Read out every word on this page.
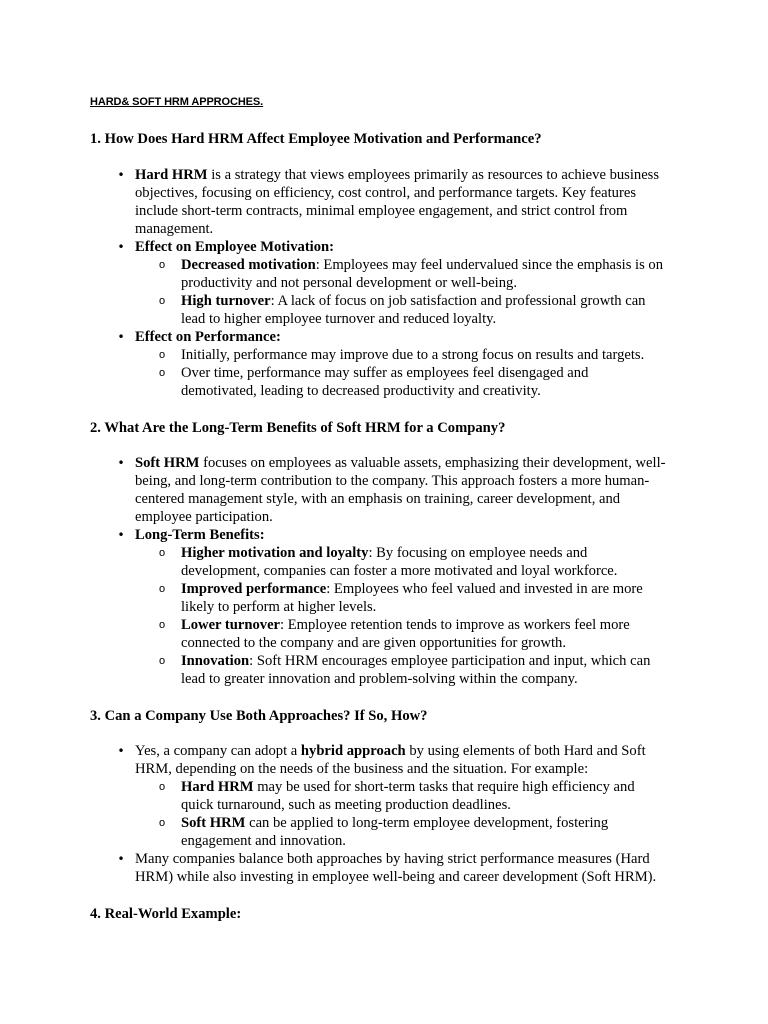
HARD& SOFT HRM APPROCHES.

1. How Does Hard HRM Affect Employee Motivation and Performance?

• Hard HRM is a strategy that views employees primarily as resources to achieve business objectives, focusing on efficiency, cost control, and performance targets. Key features include short-term contracts, minimal employee engagement, and strict control from management.
• Effect on Employee Motivation:
o Decreased motivation: Employees may feel undervalued since the emphasis is on productivity and not personal development or well-being.
o High turnover: A lack of focus on job satisfaction and professional growth can lead to higher employee turnover and reduced loyalty.
• Effect on Performance:
o Initially, performance may improve due to a strong focus on results and targets.
o Over time, performance may suffer as employees feel disengaged and demotivated, leading to decreased productivity and creativity.

2. What Are the Long-Term Benefits of Soft HRM for a Company?

• Soft HRM focuses on employees as valuable assets, emphasizing their development, well-being, and long-term contribution to the company. This approach fosters a more human-centered management style, with an emphasis on training, career development, and employee participation.
• Long-Term Benefits:
o Higher motivation and loyalty: By focusing on employee needs and development, companies can foster a more motivated and loyal workforce.
o Improved performance: Employees who feel valued and invested in are more likely to perform at higher levels.
o Lower turnover: Employee retention tends to improve as workers feel more connected to the company and are given opportunities for growth.
o Innovation: Soft HRM encourages employee participation and input, which can lead to greater innovation and problem-solving within the company.

3. Can a Company Use Both Approaches? If So, How?

• Yes, a company can adopt a hybrid approach by using elements of both Hard and Soft HRM, depending on the needs of the business and the situation. For example:
o Hard HRM may be used for short-term tasks that require high efficiency and quick turnaround, such as meeting production deadlines.
o Soft HRM can be applied to long-term employee development, fostering engagement and innovation.
• Many companies balance both approaches by having strict performance measures (Hard HRM) while also investing in employee well-being and career development (Soft HRM).

4. Real-World Example:
